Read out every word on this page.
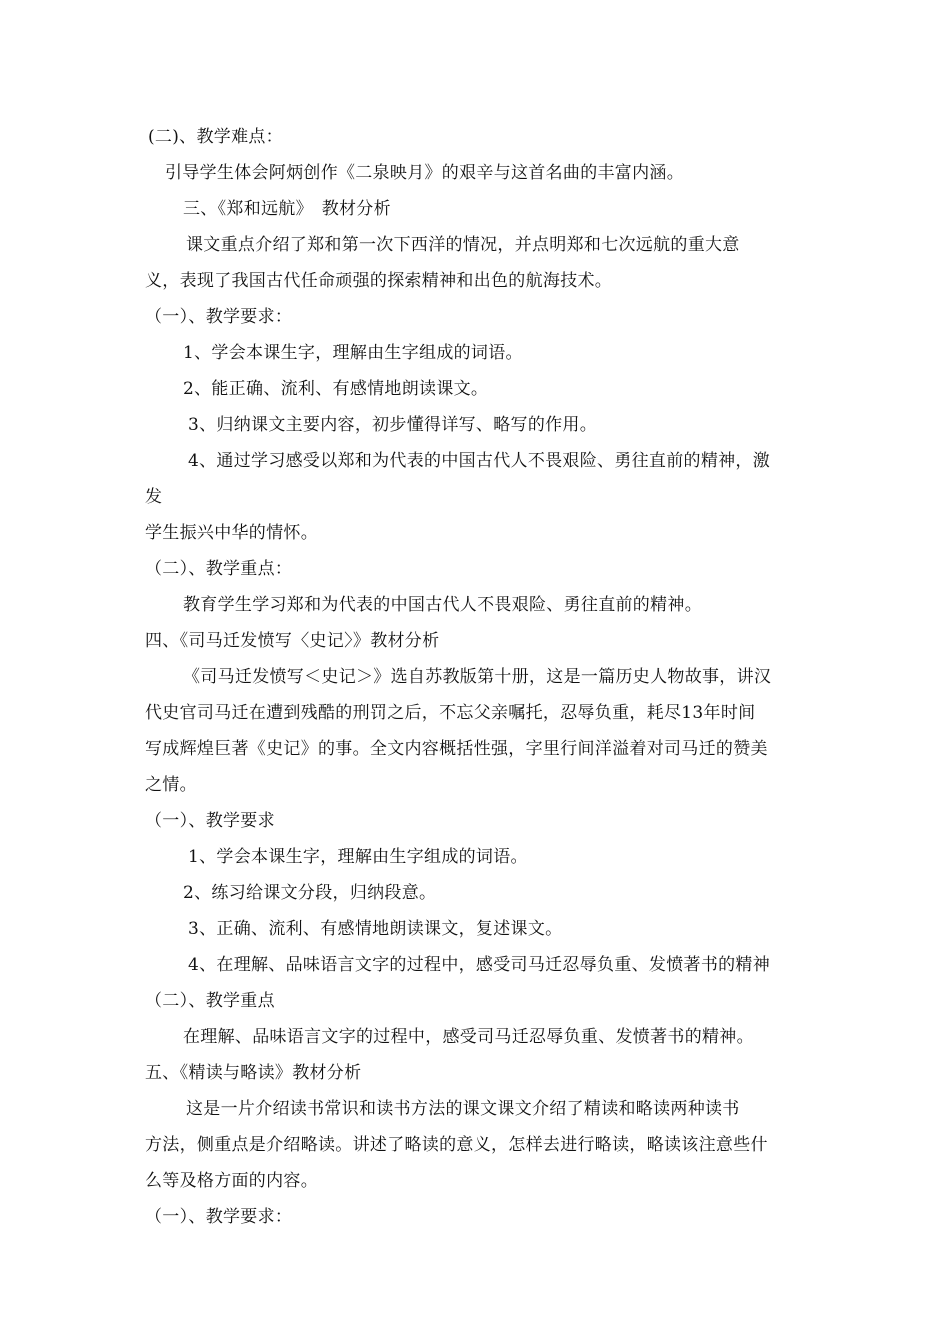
(二)、教学难点：
引导学生体会阿炳创作《二泉映月》的艰辛与这首名曲的丰富内涵。
三、《郑和远航》　教材分析
课文重点介绍了郑和第一次下西洋的情况，并点明郑和七次远航的重大意
义，表现了我国古代任命顽强的探索精神和出色的航海技术。
（一）、教学要求：
1、学会本课生字，理解由生字组成的词语。
2、能正确、流利、有感情地朗读课文。
3、归纳课文主要内容，初步懂得详写、略写的作用。
4、通过学习感受以郑和为代表的中国古代人不畏艰险、勇往直前的精神，激
发
学生振兴中华的情怀。
（二）、教学重点：
教育学生学习郑和为代表的中国古代人不畏艰险、勇往直前的精神。
四、《司马迁发愤写〈史记〉》教材分析
《司马迁发愤写＜史记＞》选自苏教版第十册，这是一篇历史人物故事，讲汉
代史官司马迁在遭到残酷的刑罚之后，不忘父亲嘱托，忍辱负重，耗尽13年时间
写成辉煌巨著《史记》的事。全文内容概括性强，字里行间洋溢着对司马迁的赞美
之情。
（一）、教学要求
1、学会本课生字，理解由生字组成的词语。
2、练习给课文分段，归纳段意。
3、正确、流利、有感情地朗读课文，复述课文。
4、在理解、品味语言文字的过程中，感受司马迁忍辱负重、发愤著书的精神
（二）、教学重点
在理解、品味语言文字的过程中，感受司马迁忍辱负重、发愤著书的精神。
五、《精读与略读》教材分析
这是一片介绍读书常识和读书方法的课文课文介绍了精读和略读两种读书
方法，侧重点是介绍略读。讲述了略读的意义，怎样去进行略读，略读该注意些什
么等及格方面的内容。
（一）、教学要求：
